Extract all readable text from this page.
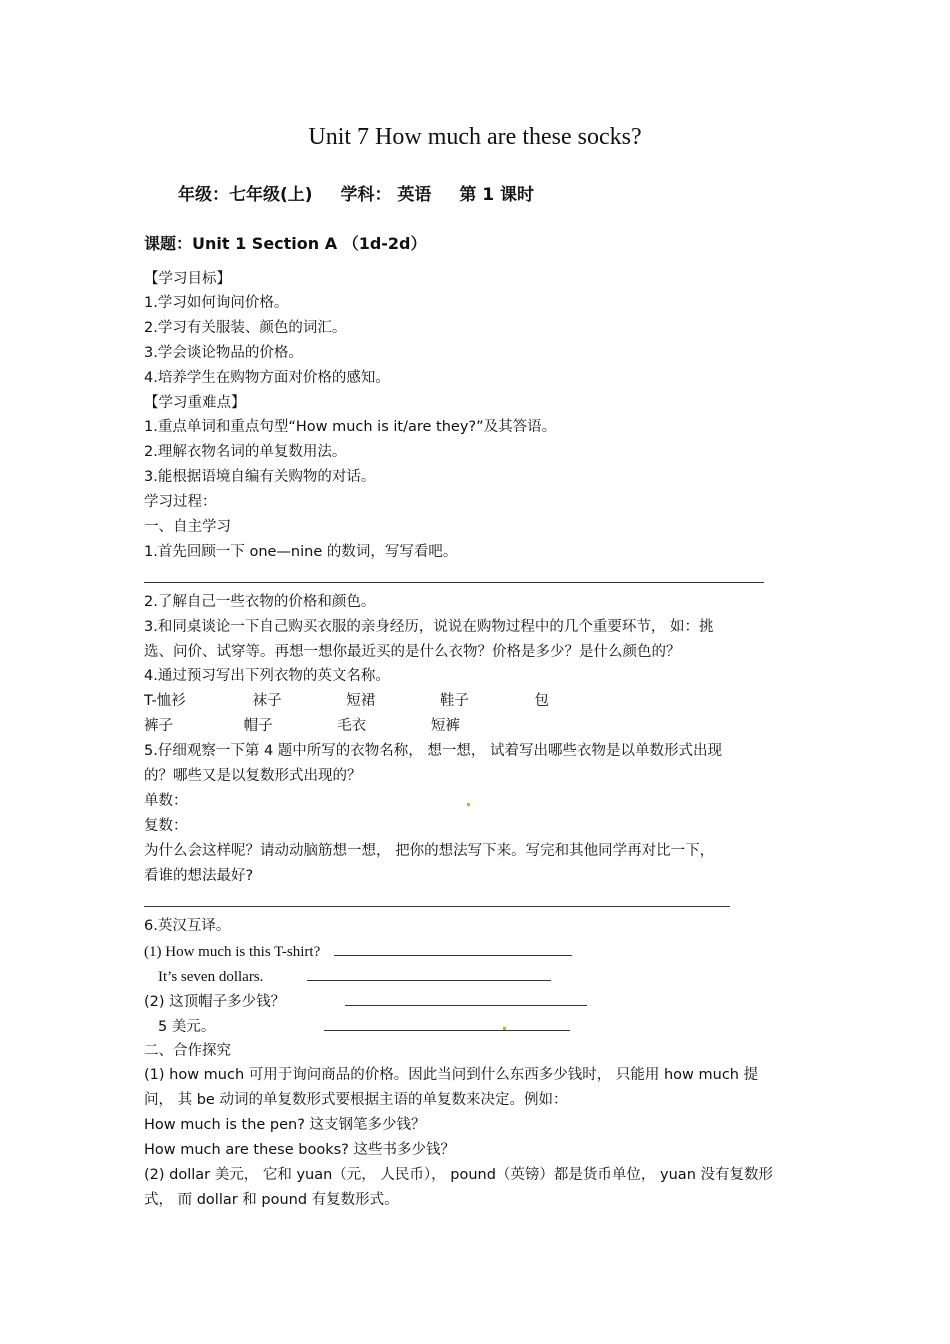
Unit 7 How much are these socks?
年级：七年级(上) 学科： 英语 第 1 课时
课题：Unit 1 Section A （1d-2d）
【学习目标】
1.学习如何询问价格。
2.学习有关服装、颜色的词汇。
3.学会谈论物品的价格。
4.培养学生在购物方面对价格的感知。
【学习重难点】
1.重点单词和重点句型“How much is it/are they?”及其答语。
2.理解衣物名词的单复数用法。
3.能根据语境自编有关购物的对话。
学习过程：
一、自主学习
1.首先回顾一下 one—nine 的数词，写写看吧。
2.了解自己一些衣物的价格和颜色。
3.和同桌谈论一下自己购买衣服的亲身经历，说说在购物过程中的几个重要环节， 如：挑
选、问价、试穿等。再想一想你最近买的是什么衣物？价格是多少？是什么颜色的？
4.通过预习写出下列衣物的英文名称。
T-恤衫	袜子	短裙	鞋子	包
裤子	帽子	毛衣	短裤
5.仔细观察一下第 4 题中所写的衣物名称， 想一想， 试着写出哪些衣物是以单数形式出现
的？哪些又是以复数形式出现的？
单数：
复数：
为什么会这样呢？请动动脑筋想一想， 把你的想法写下来。写完和其他同学再对比一下，
看谁的想法最好?
6.英汉互译。
(1) How much is this T-shirt?
It’s seven dollars.
(2) 这顶帽子多少钱？
5 美元。
二、合作探究
(1) how much 可用于询问商品的价格。因此当问到什么东西多少钱时， 只能用 how much 提
问， 其 be 动词的单复数形式要根据主语的单复数来决定。例如：
How much is the pen? 这支钢笔多少钱？
How much are these books? 这些书多少钱？
(2) dollar 美元， 它和 yuan（元， 人民币）， pound（英镑）都是货币单位， yuan 没有复数形
式， 而 dollar 和 pound 有复数形式。
